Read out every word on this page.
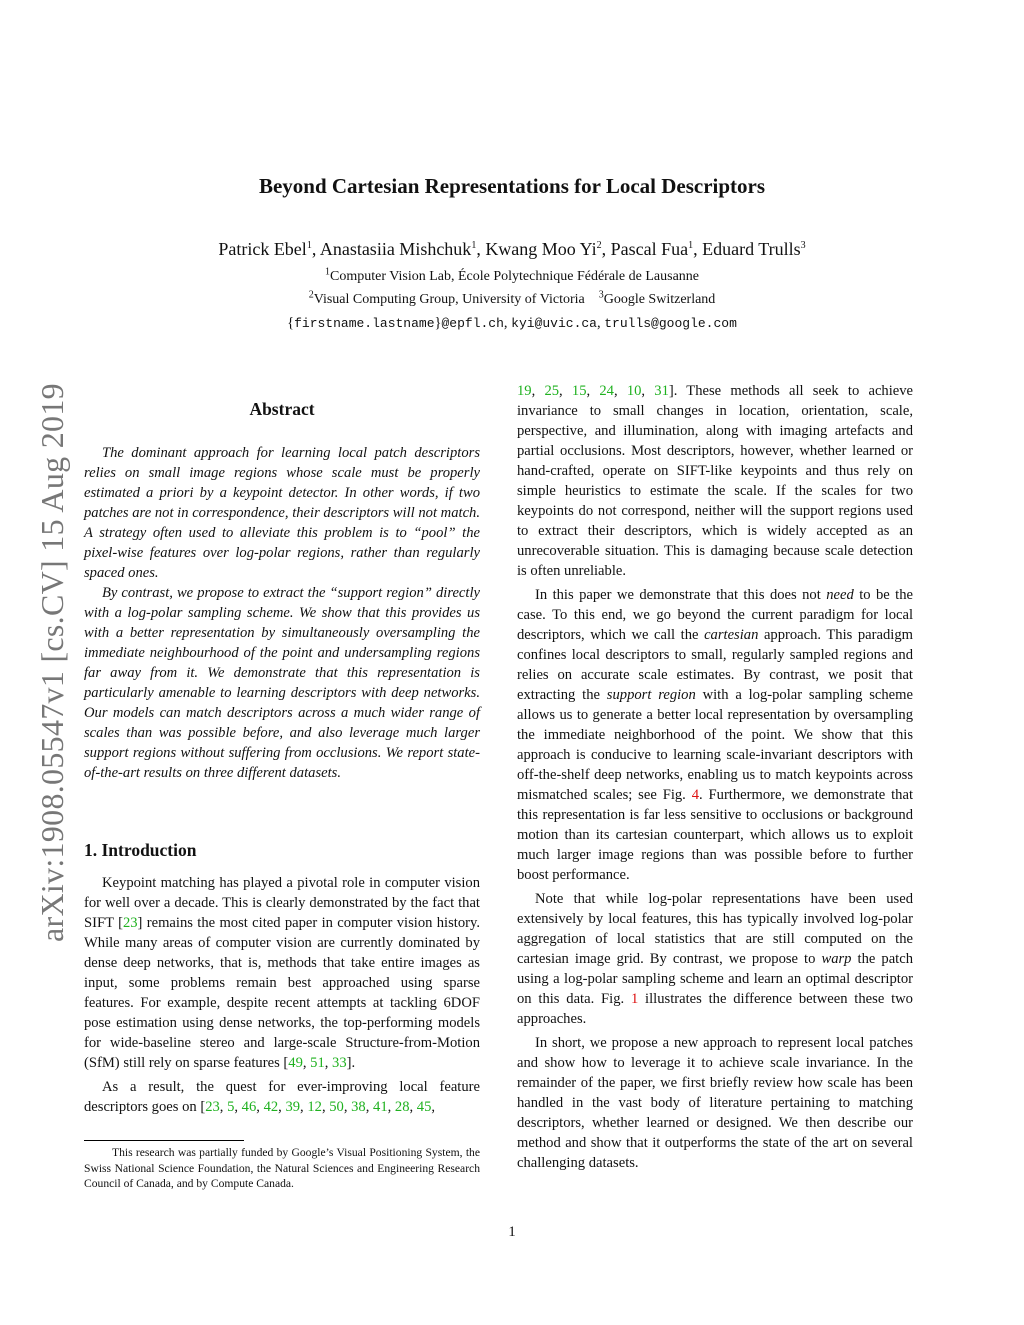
arXiv:1908.05547v1 [cs.CV] 15 Aug 2019
Beyond Cartesian Representations for Local Descriptors
Patrick Ebel$^1$, Anastasiia Mishchuk$^1$, Kwang Moo Yi$^2$, Pascal Fua$^1$, Eduard Trulls$^3$
$^1$Computer Vision Lab, École Polytechnique Fédérale de Lausanne
$^2$Visual Computing Group, University of Victoria $^3$Google Switzerland
{firstname.lastname}@epfl.ch, kyi@uvic.ca, trulls@google.com
Abstract

The dominant approach for learning local patch descriptors relies on small image regions whose scale must be properly estimated a priori by a keypoint detector. In other words, if two patches are not in correspondence, their descriptors will not match. A strategy often used to alleviate this problem is to “pool” the pixel-wise features over log-polar regions, rather than regularly spaced ones.

By contrast, we propose to extract the “support region” directly with a log-polar sampling scheme. We show that this provides us with a better representation by simultaneously oversampling the immediate neighbourhood of the point and undersampling regions far away from it. We demonstrate that this representation is particularly amenable to learning descriptors with deep networks. Our models can match descriptors across a much wider range of scales than was possible before, and also leverage much larger support regions without suffering from occlusions. We report state-of-the-art results on three different datasets.

1. Introduction

Keypoint matching has played a pivotal role in computer vision for well over a decade. This is clearly demonstrated by the fact that SIFT [23] remains the most cited paper in computer vision history. While many areas of computer vision are currently dominated by dense deep networks, that is, methods that take entire images as input, some problems remain best approached using sparse features. For example, despite recent attempts at tackling 6DOF pose estimation using dense networks, the top-performing models for wide-baseline stereo and large-scale Structure-from-Motion (SfM) still rely on sparse features [49, 51, 33].

As a result, the quest for ever-improving local feature descriptors goes on [23, 5, 46, 42, 39, 12, 50, 38, 41, 28, 45,

This research was partially funded by Google’s Visual Positioning System, the Swiss National Science Foundation, the Natural Sciences and Engineering Research Council of Canada, and by Compute Canada.

19, 25, 15, 24, 10, 31]. These methods all seek to achieve invariance to small changes in location, orientation, scale, perspective, and illumination, along with imaging artefacts and partial occlusions. Most descriptors, however, whether learned or hand-crafted, operate on SIFT-like keypoints and thus rely on simple heuristics to estimate the scale. If the scales for two keypoints do not correspond, neither will the support regions used to extract their descriptors, which is widely accepted as an unrecoverable situation. This is damaging because scale detection is often unreliable.

In this paper we demonstrate that this does not need to be the case. To this end, we go beyond the current paradigm for local descriptors, which we call the cartesian approach. This paradigm confines local descriptors to small, regularly sampled regions and relies on accurate scale estimates. By contrast, we posit that extracting the support region with a log-polar sampling scheme allows us to generate a better local representation by oversampling the immediate neighborhood of the point. We show that this approach is conducive to learning scale-invariant descriptors with off-the-shelf deep networks, enabling us to match keypoints across mismatched scales; see Fig. 4. Furthermore, we demonstrate that this representation is far less sensitive to occlusions or background motion than its cartesian counterpart, which allows us to exploit much larger image regions than was possible before to further boost performance.

Note that while log-polar representations have been used extensively by local features, this has typically involved log-polar aggregation of local statistics that are still computed on the cartesian image grid. By contrast, we propose to warp the patch using a log-polar sampling scheme and learn an optimal descriptor on this data. Fig. 1 illustrates the difference between these two approaches.

In short, we propose a new approach to represent local patches and show how to leverage it to achieve scale invariance. In the remainder of the paper, we first briefly review how scale has been handled in the vast body of literature pertaining to matching descriptors, whether learned or designed. We then describe our method and show that it outperforms the state of the art on several challenging datasets.

1
